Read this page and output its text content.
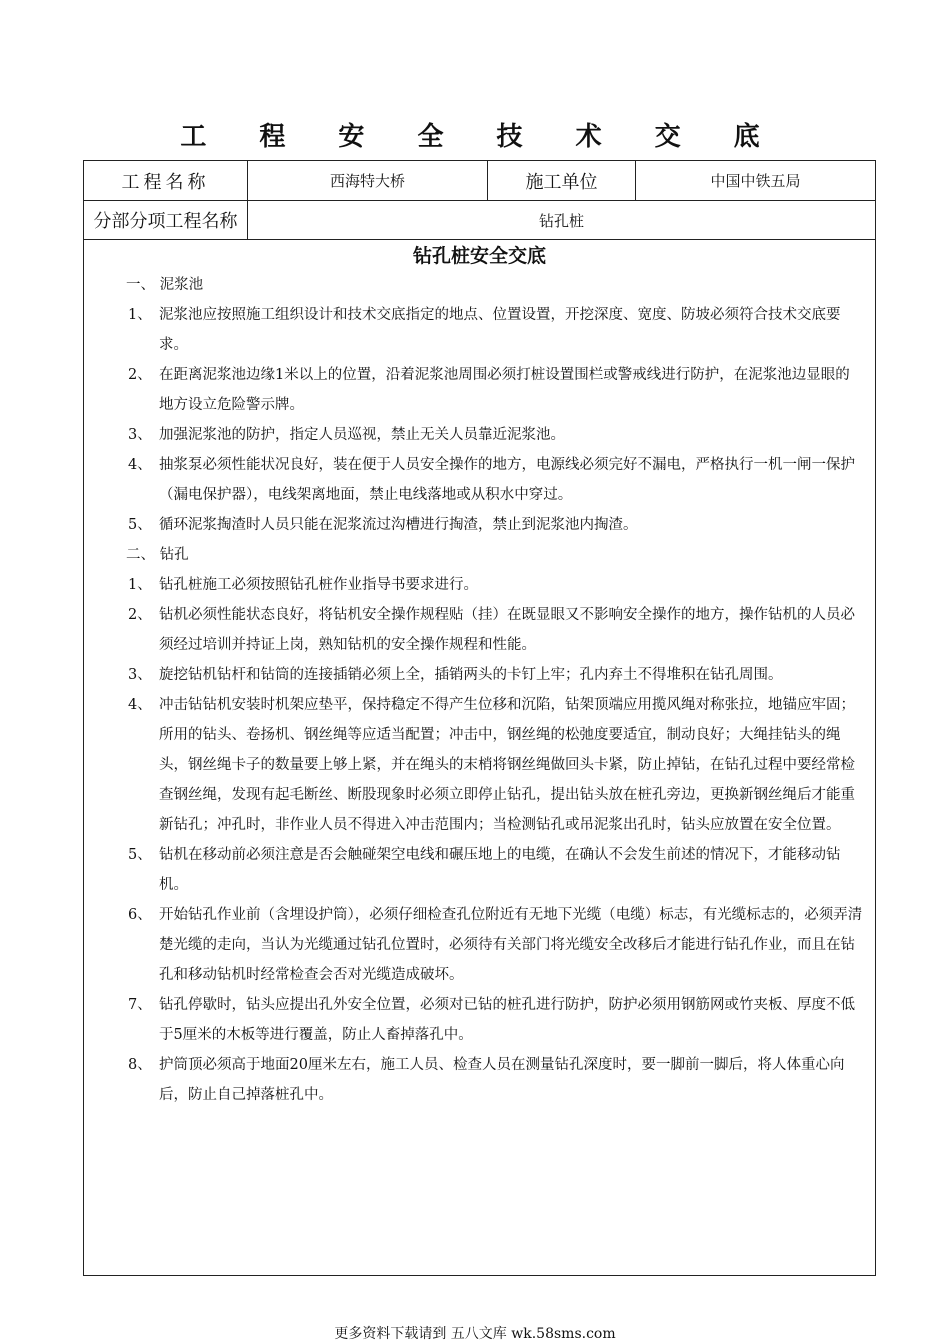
工 程 安 全 技 术 交 底
工程名称	西海特大桥	施工单位	中国中铁五局
分部分项工程名称	钻孔桩
钻孔桩安全交底
一、 泥浆池
1、 泥浆池应按照施工组织设计和技术交底指定的地点、位置设置，开挖深度、宽度、防坡必须符合技术交底要求。
2、 在距离泥浆池边缘1米以上的位置，沿着泥浆池周围必须打桩设置围栏或警戒线进行防护，在泥浆池边显眼的地方设立危险警示牌。
3、 加强泥浆池的防护，指定人员巡视，禁止无关人员靠近泥浆池。
4、 抽浆泵必须性能状况良好，装在便于人员安全操作的地方，电源线必须完好不漏电，严格执行一机一闸一保护（漏电保护器），电线架离地面，禁止电线落地或从积水中穿过。
5、 循环泥浆掏渣时人员只能在泥浆流过沟槽进行掏渣，禁止到泥浆池内掏渣。
二、 钻孔
1、 钻孔桩施工必须按照钻孔桩作业指导书要求进行。
2、 钻机必须性能状态良好，将钻机安全操作规程贴（挂）在既显眼又不影响安全操作的地方，操作钻机的人员必须经过培训并持证上岗，熟知钻机的安全操作规程和性能。
3、 旋挖钻机钻杆和钻筒的连接插销必须上全，插销两头的卡钉上牢；孔内弃土不得堆积在钻孔周围。
4、 冲击钻钻机安装时机架应垫平，保持稳定不得产生位移和沉陷，钻架顶端应用揽风绳对称张拉，地锚应牢固；所用的钻头、卷扬机、钢丝绳等应适当配置；冲击中，钢丝绳的松弛度要适宜，制动良好；大绳挂钻头的绳头，钢丝绳卡子的数量要上够上紧，并在绳头的末梢将钢丝绳做回头卡紧，防止掉钻，在钻孔过程中要经常检查钢丝绳，发现有起毛断丝、断股现象时必须立即停止钻孔，提出钻头放在桩孔旁边，更换新钢丝绳后才能重新钻孔；冲孔时，非作业人员不得进入冲击范围内；当检测钻孔或吊泥浆出孔时，钻头应放置在安全位置。
5、 钻机在移动前必须注意是否会触碰架空电线和碾压地上的电缆，在确认不会发生前述的情况下，才能移动钻机。
6、 开始钻孔作业前（含埋设护筒），必须仔细检查孔位附近有无地下光缆（电缆）标志，有光缆标志的，必须弄清楚光缆的走向，当认为光缆通过钻孔位置时，必须待有关部门将光缆安全改移后才能进行钻孔作业，而且在钻孔和移动钻机时经常检查会否对光缆造成破坏。
7、 钻孔停歇时，钻头应提出孔外安全位置，必须对已钻的桩孔进行防护，防护必须用钢筋网或竹夹板、厚度不低于5厘米的木板等进行覆盖，防止人畜掉落孔中。
8、 护筒顶必须高于地面20厘米左右，施工人员、检查人员在测量钻孔深度时，要一脚前一脚后，将人体重心向后，防止自己掉落桩孔中。
更多资料下载请到 五八文库 wk.58sms.com
